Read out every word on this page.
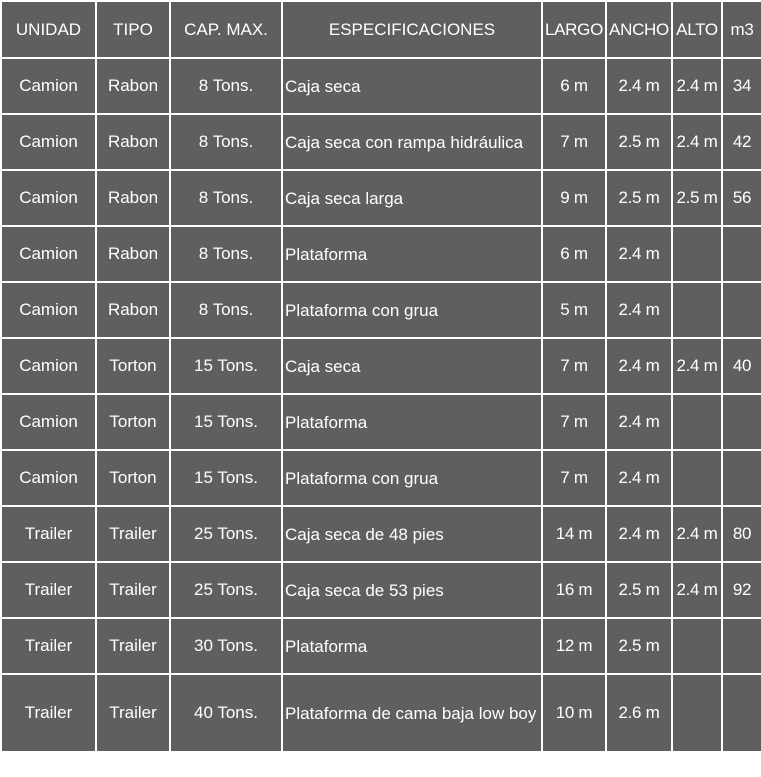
UNIDAD	TIPO	CAP. MAX.	ESPECIFICACIONES	LARGO	ANCHO	ALTO	m3
Camion	Rabon	8 Tons.	Caja seca	6 m	2.4 m	2.4 m	34
Camion	Rabon	8 Tons.	Caja seca con rampa hidráulica	7 m	2.5 m	2.4 m	42
Camion	Rabon	8 Tons.	Caja seca larga	9 m	2.5 m	2.5 m	56
Camion	Rabon	8 Tons.	Plataforma	6 m	2.4 m		
Camion	Rabon	8 Tons.	Plataforma con grua	5 m	2.4 m		
Camion	Torton	15 Tons.	Caja seca	7 m	2.4 m	2.4 m	40
Camion	Torton	15 Tons.	Plataforma	7 m	2.4 m		
Camion	Torton	15 Tons.	Plataforma con grua	7 m	2.4 m		
Trailer	Trailer	25 Tons.	Caja seca de 48 pies	14 m	2.4 m	2.4 m	80
Trailer	Trailer	25 Tons.	Caja seca de 53 pies	16 m	2.5 m	2.4 m	92
Trailer	Trailer	30 Tons.	Plataforma	12 m	2.5 m		
Trailer	Trailer	40 Tons.	Plataforma de cama baja low boy	10 m	2.6 m		
